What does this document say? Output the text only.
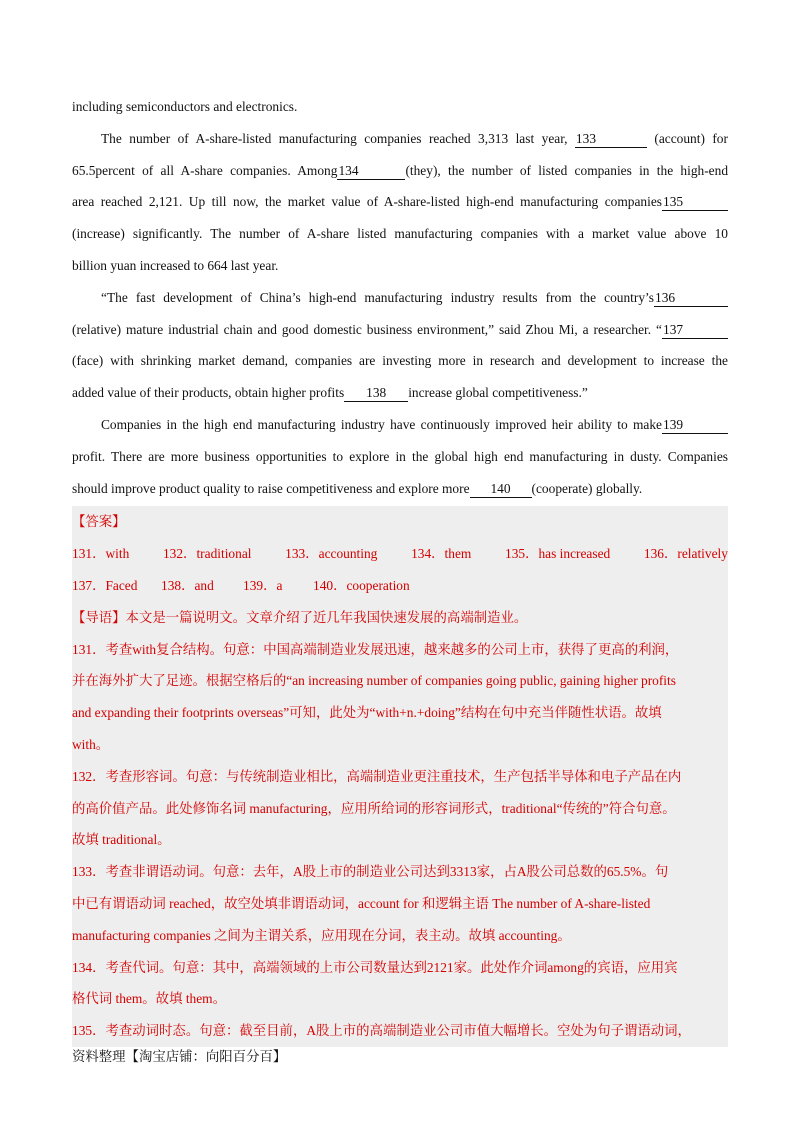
including semiconductors and electronics.
The number of A-share-listed manufacturing companies reached 3,313 last year, 133	(account) for
65.5percent of all A-share companies. Among134	(they), the number of listed companies in the high-end
area reached 2,121. Up till now, the market value of A-share-listed high-end manufacturing companies135
(increase) significantly. The number of A-share listed manufacturing companies with a market value above 10
billion yuan increased to 664 last year.
“The fast development of China’s high-end manufacturing industry results from the country’s136
(relative) mature industrial chain and good domestic business environment,” said Zhou Mi, a researcher. “137
(face) with shrinking market demand, companies are investing more in research and development to increase the
added value of their products, obtain higher profits 138 increase global competitiveness.”
Companies in the high end manufacturing industry have continuously improved heir ability to make139
profit. There are more business opportunities to explore in the global high end manufacturing in dusty. Companies
should improve product quality to raise competitiveness and explore more 140 (cooperate) globally.
【答案】
131．with	132．traditional	133．accounting	134．them	135．has increased	136．relatively
137．Faced	138．and	139．a	140．cooperation
【导语】本文是一篇说明文。文章介绍了近几年我国快速发展的高端制造业。
131．考查with复合结构。句意：中国高端制造业发展迅速，越来越多的公司上市，获得了更高的利润，
并在海外扩大了足迹。根据空格后的“an increasing number of companies going public, gaining higher profits
and expanding their footprints overseas”可知，此处为“with+n.+doing”结构在句中充当伴随性状语。故填
with。
132．考查形容词。句意：与传统制造业相比，高端制造业更注重技术，生产包括半导体和电子产品在内
的高价值产品。此处修饰名词 manufacturing，应用所给词的形容词形式，traditional“传统的”符合句意。
故填 traditional。
133．考查非谓语动词。句意：去年，A股上市的制造业公司达到3313家，占A股公司总数的65.5%。句
中已有谓语动词 reached，故空处填非谓语动词，account for 和逻辑主语 The number of A-share-listed
manufacturing companies 之间为主谓关系，应用现在分词，表主动。故填 accounting。
134．考查代词。句意：其中，高端领域的上市公司数量达到2121家。此处作介词among的宾语，应用宾
格代词 them。故填 them。
135．考查动词时态。句意：截至目前，A股上市的高端制造业公司市值大幅增长。空处为句子谓语动词，
资料整理【淘宝店铺：向阳百分百】
